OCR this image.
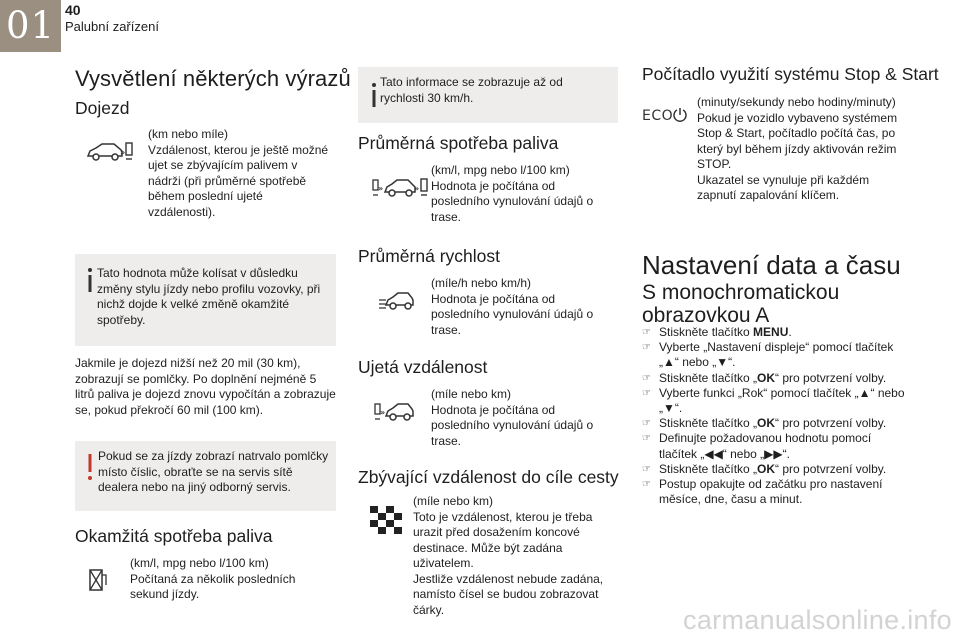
01 40
Palubní zařízení
Vysvětlení některých výrazů
Dojezd
»
(km nebo míle)
Vzdálenost, kterou je ještě možné ujet se zbývajícím palivem v nádrži (při průměrné spotřebě během poslední ujeté vzdálenosti).
Tato hodnota může kolísat v důsledku změny stylu jízdy nebo profilu vozovky, při nichž dojde k velké změně okamžité spotřeby.
Jakmile je dojezd nižší než 20 mil (30 km), zobrazují se pomlčky. Po doplnění nejméně 5 litrů paliva je dojezd znovu vypočítán a zobrazuje se, pokud překročí 60 mil (100 km).
Pokud se za jízdy zobrazí natrvalo pomlčky místo číslic, obraťte se na servis sítě dealera nebo na jiný odborný servis.
Okamžitá spotřeba paliva
(km/l, mpg nebo l/100 km)
Počítaná za několik posledních sekund jízdy.
Tato informace se zobrazuje až od rychlosti 30 km/h.
Průměrná spotřeba paliva
»	»
(km/l, mpg nebo l/100 km)
Hodnota je počítána od posledního vynulování údajů o trase.
Průměrná rychlost
(míle/h nebo km/h)
Hodnota je počítána od posledního vynulování údajů o trase.
Ujetá vzdálenost
»
(míle nebo km)
Hodnota je počítána od posledního vynulování údajů o trase.
Zbývající vzdálenost do cíle cesty
(míle nebo km)
Toto je vzdálenost, kterou je třeba urazit před dosažením koncové destinace. Může být zadána uživatelem.
Jestliže vzdálenost nebude zadána, namísto čísel se budou zobrazovat čárky.
Počítadlo využití systému Stop & Start
ECO
(minuty/sekundy nebo hodiny/minuty)
Pokud je vozidlo vybaveno systémem Stop & Start, počítadlo počítá čas, po který byl během jízdy aktivován režim STOP.
Ukazatel se vynuluje při každém zapnutí zapalování klíčem.
Nastavení data a času
S monochromatickou obrazovkou A
☞ Stiskněte tlačítko MENU.
☞ Vyberte „Nastavení displeje“ pomocí tlačítek „▲“ nebo „▼“.
☞ Stiskněte tlačítko „OK“ pro potvrzení volby.
☞ Vyberte funkci „Rok“ pomocí tlačítek „▲“ nebo „▼“.
☞ Stiskněte tlačítko „OK“ pro potvrzení volby.
☞ Definujte požadovanou hodnotu pomocí tlačítek „◀◀“ nebo „▶▶“.
☞ Stiskněte tlačítko „OK“ pro potvrzení volby.
☞ Postup opakujte od začátku pro nastavení měsíce, dne, času a minut.
carmanualsonline.info
